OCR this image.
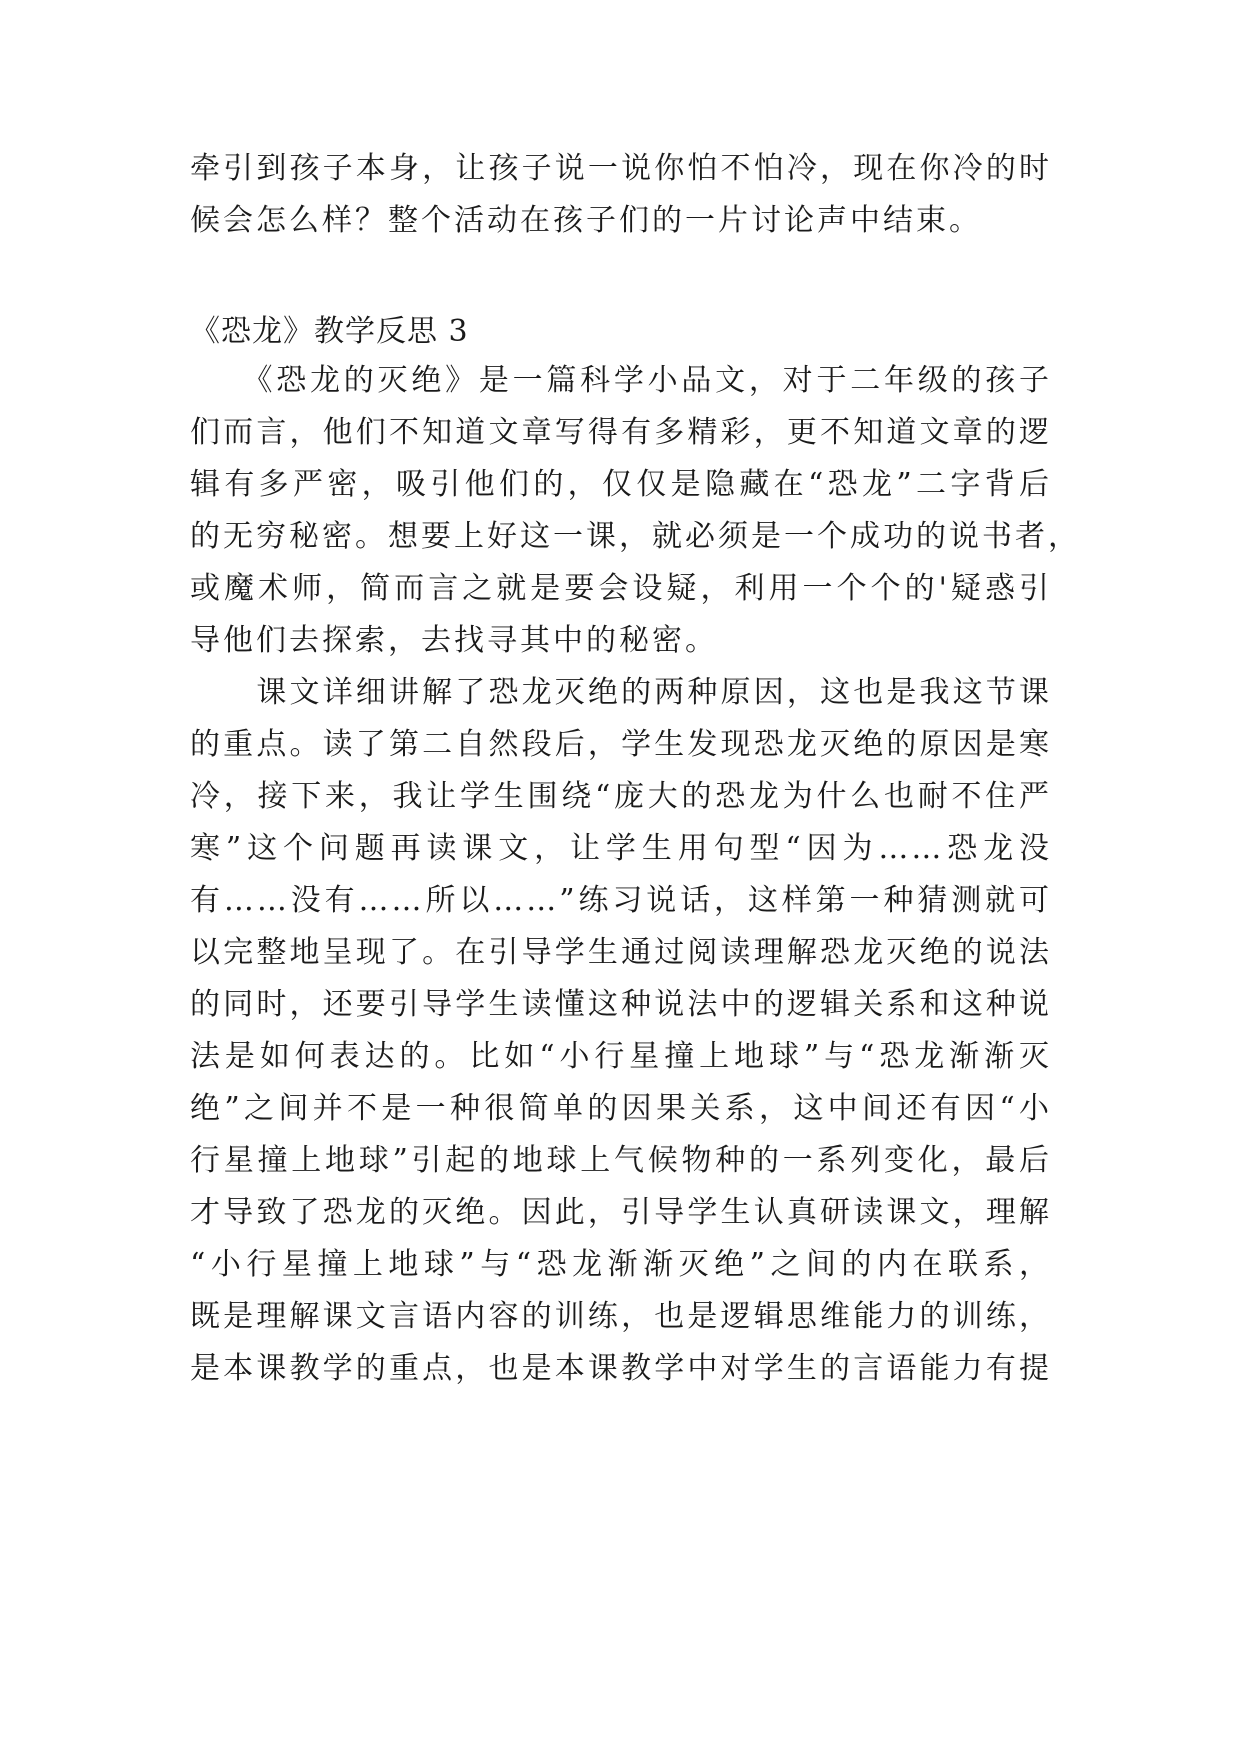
牵引到孩子本身，让孩子说一说你怕不怕冷，现在你冷的时

候会怎么样？整个活动在孩子们的一片讨论声中结束。

《恐龙》教学反思 3

　　《恐龙的灭绝》是一篇科学小品文，对于二年级的孩子

们而言，他们不知道文章写得有多精彩，更不知道文章的逻

辑有多严密，吸引他们的，仅仅是隐藏在“恐龙”二字背后

的无穷秘密。想要上好这一课，就必须是一个成功的说书者，

或魔术师，简而言之就是要会设疑，利用一个个的'疑惑引

导他们去探索，去找寻其中的秘密。

　　课文详细讲解了恐龙灭绝的两种原因，这也是我这节课

的重点。读了第二自然段后，学生发现恐龙灭绝的原因是寒

冷，接下来，我让学生围绕“庞大的恐龙为什么也耐不住严

寒”这个问题再读课文，让学生用句型“因为……恐龙没

有……没有……所以……”练习说话，这样第一种猜测就可

以完整地呈现了。在引导学生通过阅读理解恐龙灭绝的说法

的同时，还要引导学生读懂这种说法中的逻辑关系和这种说

法是如何表达的。比如“小行星撞上地球”与“恐龙渐渐灭

绝”之间并不是一种很简单的因果关系，这中间还有因“小

行星撞上地球”引起的地球上气候物种的一系列变化，最后

才导致了恐龙的灭绝。因此，引导学生认真研读课文，理解

“小行星撞上地球”与“恐龙渐渐灭绝”之间的内在联系，

既是理解课文言语内容的训练，也是逻辑思维能力的训练，

是本课教学的重点，也是本课教学中对学生的言语能力有提
